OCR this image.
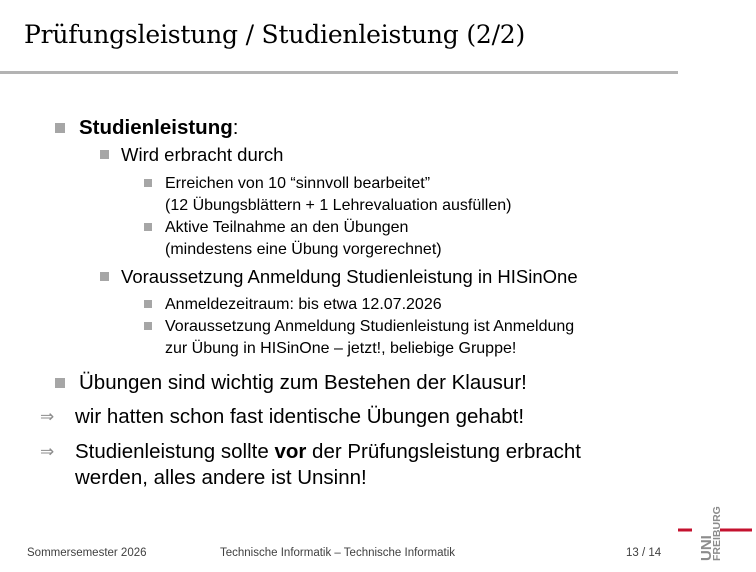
Prüfungsleistung / Studienleistung (2/2)
Studienleistung:
Wird erbracht durch
Erreichen von 10 “sinnvoll bearbeitet”
(12 Übungsblättern + 1 Lehrevaluation ausfüllen)
Aktive Teilnahme an den Übungen
(mindestens eine Übung vorgerechnet)
Voraussetzung Anmeldung Studienleistung in HISinOne
Anmeldezeitraum: bis etwa 12.07.2026
Voraussetzung Anmeldung Studienleistung ist Anmeldung
zur Übung in HISinOne – jetzt!, beliebige Gruppe!
Übungen sind wichtig zum Bestehen der Klausur!
⇒	wir hatten schon fast identische Übungen gehabt!
⇒	Studienleistung sollte vor der Prüfungsleistung erbracht
werden, alles andere ist Unsinn!
Sommersemester 2026	Technische Informatik – Technische Informatik	13 / 14 UNI
FREIBURG
